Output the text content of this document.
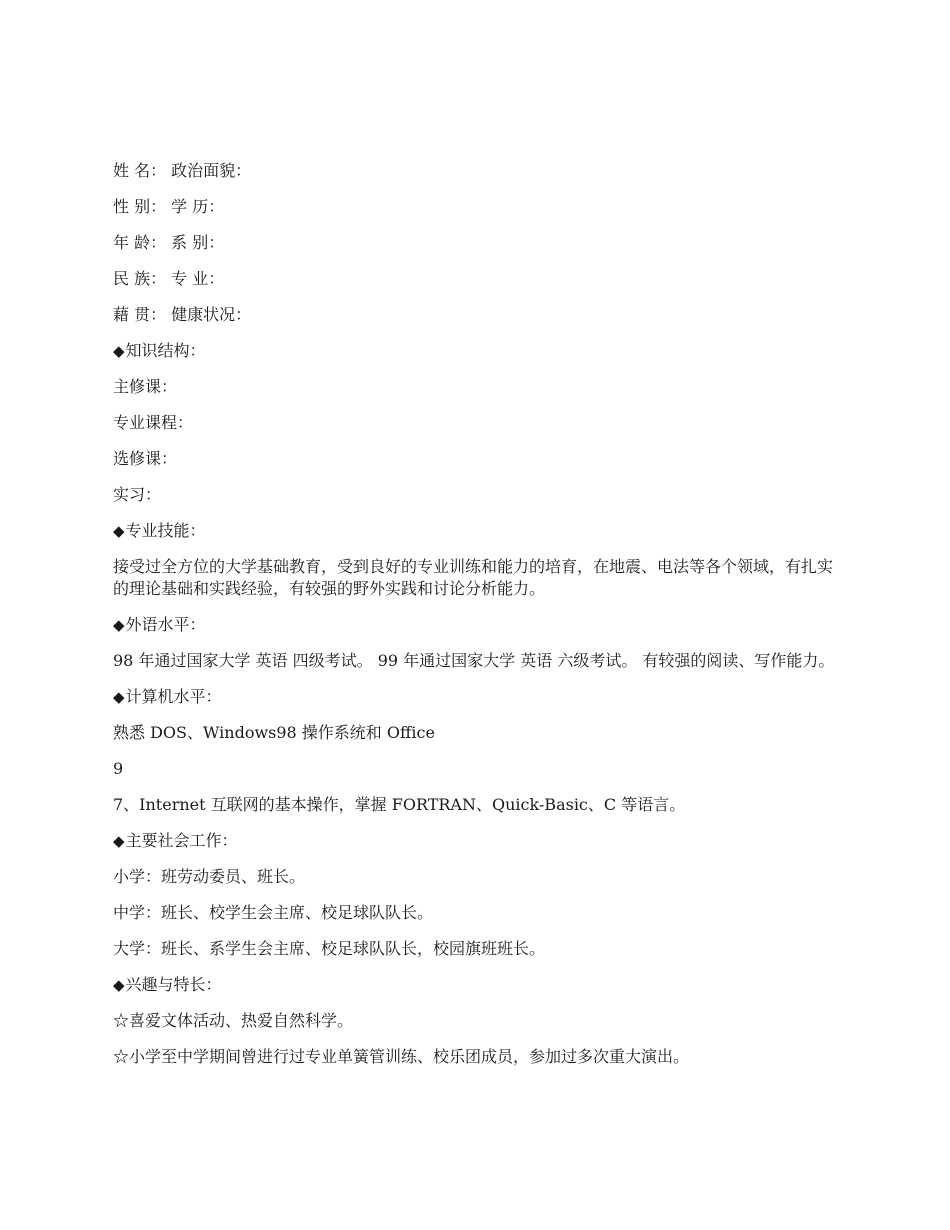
姓 名： 政治面貌：

性 别： 学 历：

年 龄： 系 别：

民 族： 专 业：

藉 贯： 健康状况：

◆知识结构：

主修课：

专业课程：

选修课：

实习：

◆专业技能：

接受过全方位的大学基础教育，受到良好的专业训练和能力的培育，在地震、电法等各个领域，有扎实的理论基础和实践经验，有较强的野外实践和讨论分析能力。

◆外语水平：

98 年通过国家大学 英语 四级考试。 99 年通过国家大学 英语 六级考试。 有较强的阅读、写作能力。

◆计算机水平：

熟悉 DOS、Windows98 操作系统和 Office

9

7、Internet 互联网的基本操作，掌握 FORTRAN、Quick-Basic、C 等语言。

◆主要社会工作：

小学：班劳动委员、班长。

中学：班长、校学生会主席、校足球队队长。

大学：班长、系学生会主席、校足球队队长，校园旗班班长。

◆兴趣与特长：

☆喜爱文体活动、热爱自然科学。

☆小学至中学期间曾进行过专业单簧管训练、校乐团成员，参加过多次重大演出。
